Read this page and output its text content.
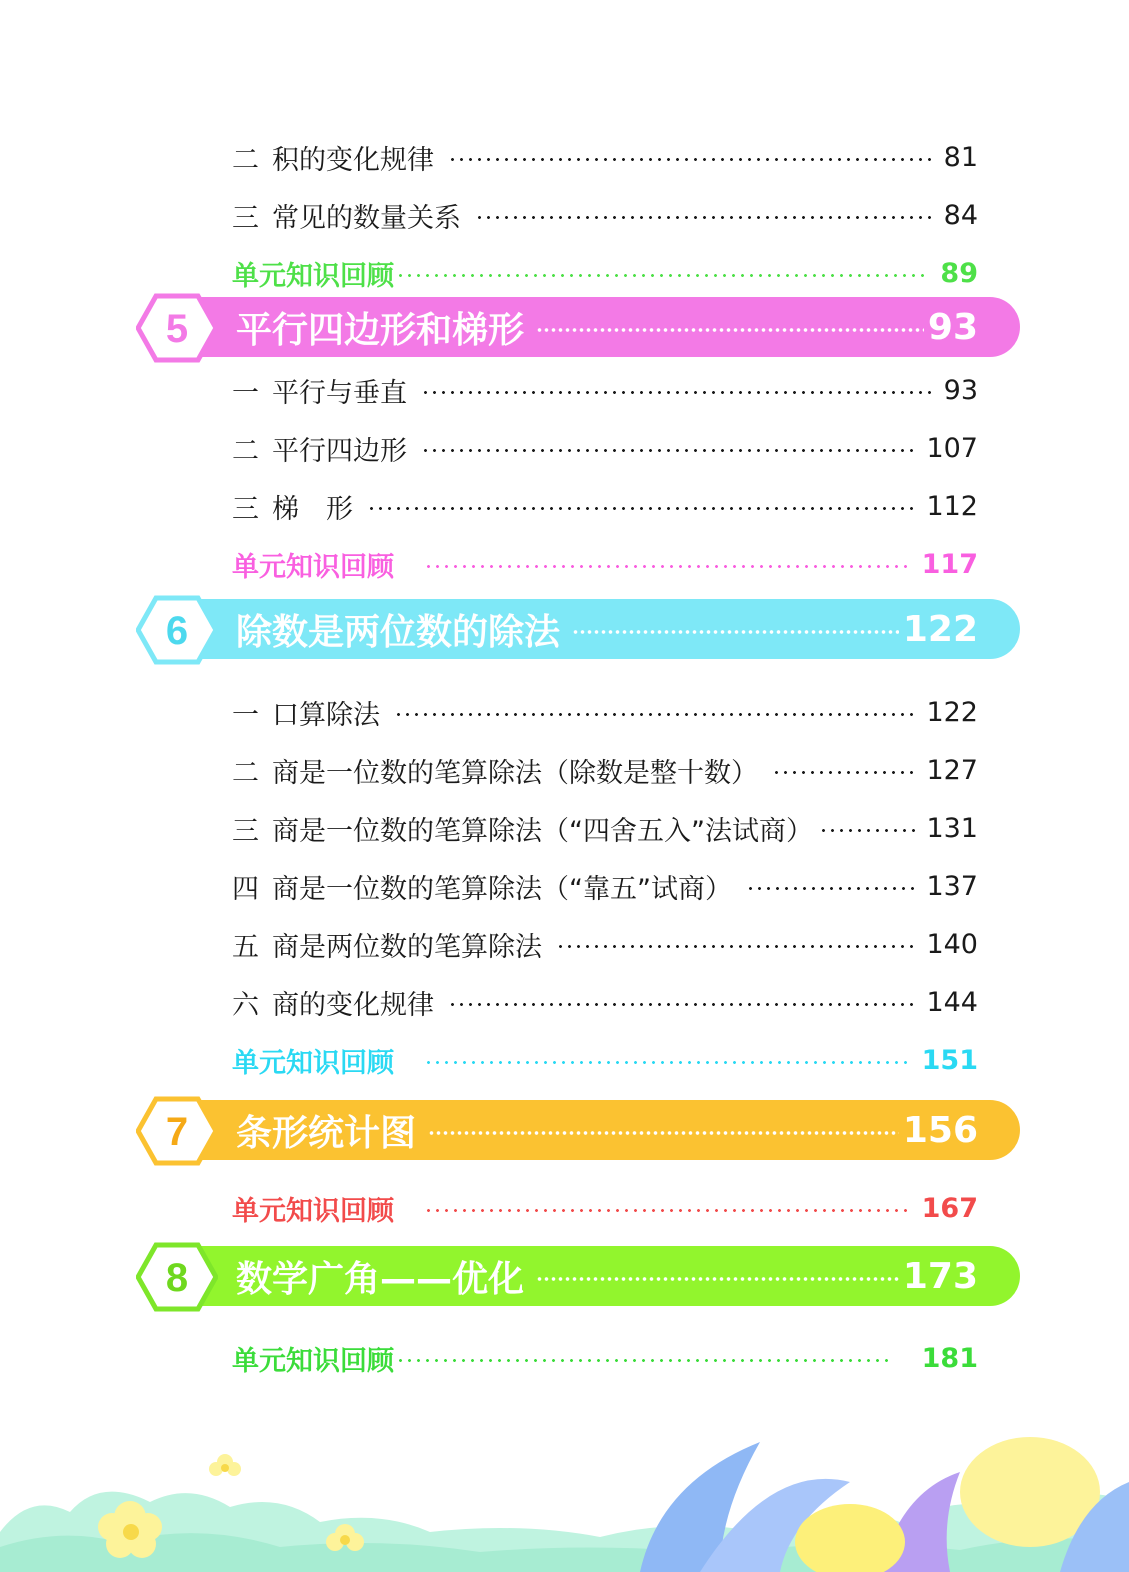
二 积的变化规律	81
三 常见的数量关系	84
单元知识回顾	89
平行四边形和梯形	93
5
一 平行与垂直	93
二 平行四边形	107
三 梯　形	112
单元知识回顾	117
除数是两位数的除法	122
6
一 口算除法	122
二 商是一位数的笔算除法（除数是整十数）	127
三 商是一位数的笔算除法（“四舍五入”法试商）	131
四 商是一位数的笔算除法（“靠五”试商）	137
五 商是两位数的笔算除法	140
六 商的变化规律	144
单元知识回顾	151
条形统计图	156
7
单元知识回顾	167
数学广角——优化	173
8
单元知识回顾	181
